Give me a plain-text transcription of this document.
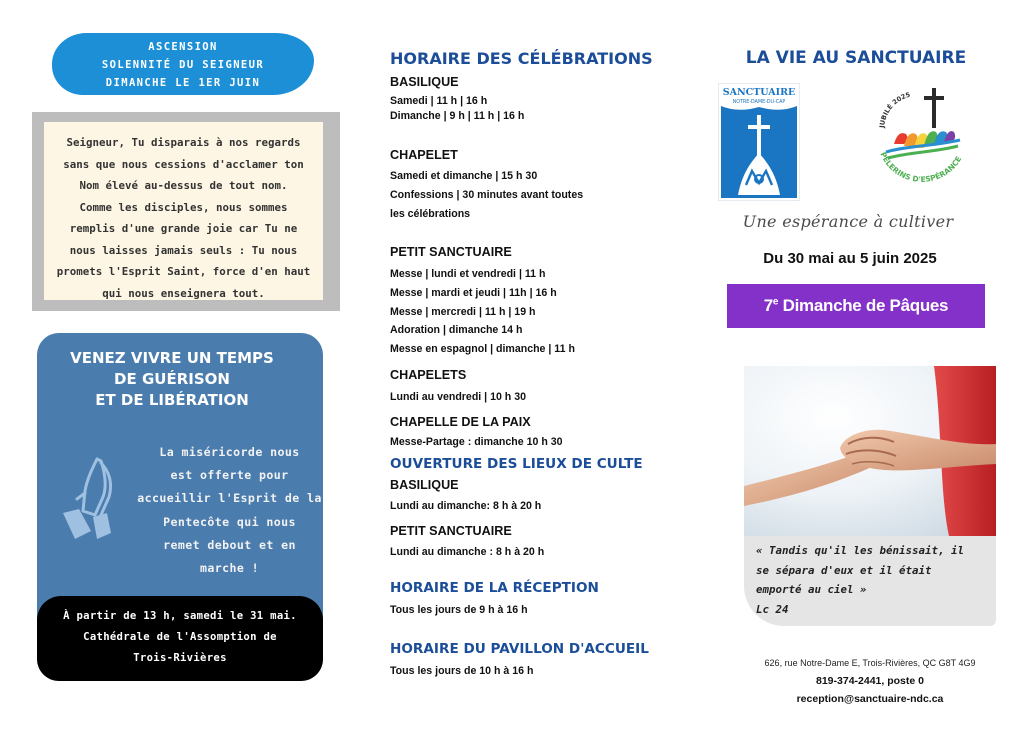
ASCENSION
SOLENNITÉ DU SEIGNEUR
DIMANCHE LE 1ER JUIN
Seigneur, Tu disparais à nos regards
sans que nous cessions d'acclamer ton
Nom élevé au-dessus de tout nom.
Comme les disciples, nous sommes
remplis d'une grande joie car Tu ne
nous laisses jamais seuls : Tu nous
promets l'Esprit Saint, force d'en haut
qui nous enseignera tout.
VENEZ VIVRE UN TEMPS
DE GUÉRISON
ET DE LIBÉRATION
La miséricorde nous
est offerte pour
accueillir l'Esprit de la
Pentecôte qui nous
remet debout et en
marche !
À partir de 13 h, samedi le 31 mai.
Cathédrale de l'Assomption de
Trois-Rivières
HORAIRE DES CÉLÉBRATIONS
BASILIQUE
Samedi | 11 h | 16 h
Dimanche | 9 h | 11 h | 16 h
CHAPELET
Samedi et dimanche | 15 h 30
Confessions | 30 minutes avant toutes
les célébrations
PETIT SANCTUAIRE
Messe | lundi et vendredi | 11 h
Messe | mardi et jeudi | 11h | 16 h
Messe | mercredi | 11 h | 19 h
Adoration | dimanche 14 h
Messe en espagnol | dimanche | 11 h
CHAPELETS
Lundi au vendredi | 10 h 30
CHAPELLE DE LA PAIX
Messe-Partage : dimanche 10 h 30
OUVERTURE DES LIEUX DE CULTE
BASILIQUE
Lundi au dimanche: 8 h à 20 h
PETIT SANCTUAIRE
Lundi au dimanche : 8 h à 20 h
HORAIRE DE LA RÉCEPTION
Tous les jours de 9 h à 16 h
HORAIRE DU PAVILLON D'ACCUEIL
Tous les jours de 10 h à 16 h
LA VIE AU SANCTUAIRE
SANCTUAIRE
NOTRE-DAME-DU-CAP
JUBILÉ 2025
PÈLERINS D'ESPÉRANCE
Une espérance à cultiver
Du 30 mai au 5 juin 2025
7e Dimanche de Pâques
« Tandis qu'il les bénissait, il
se sépara d'eux et il était
emporté au ciel »
Lc 24
626, rue Notre-Dame E, Trois-Rivières, QC G8T 4G9
819-374-2441, poste 0
reception@sanctuaire-ndc.ca
